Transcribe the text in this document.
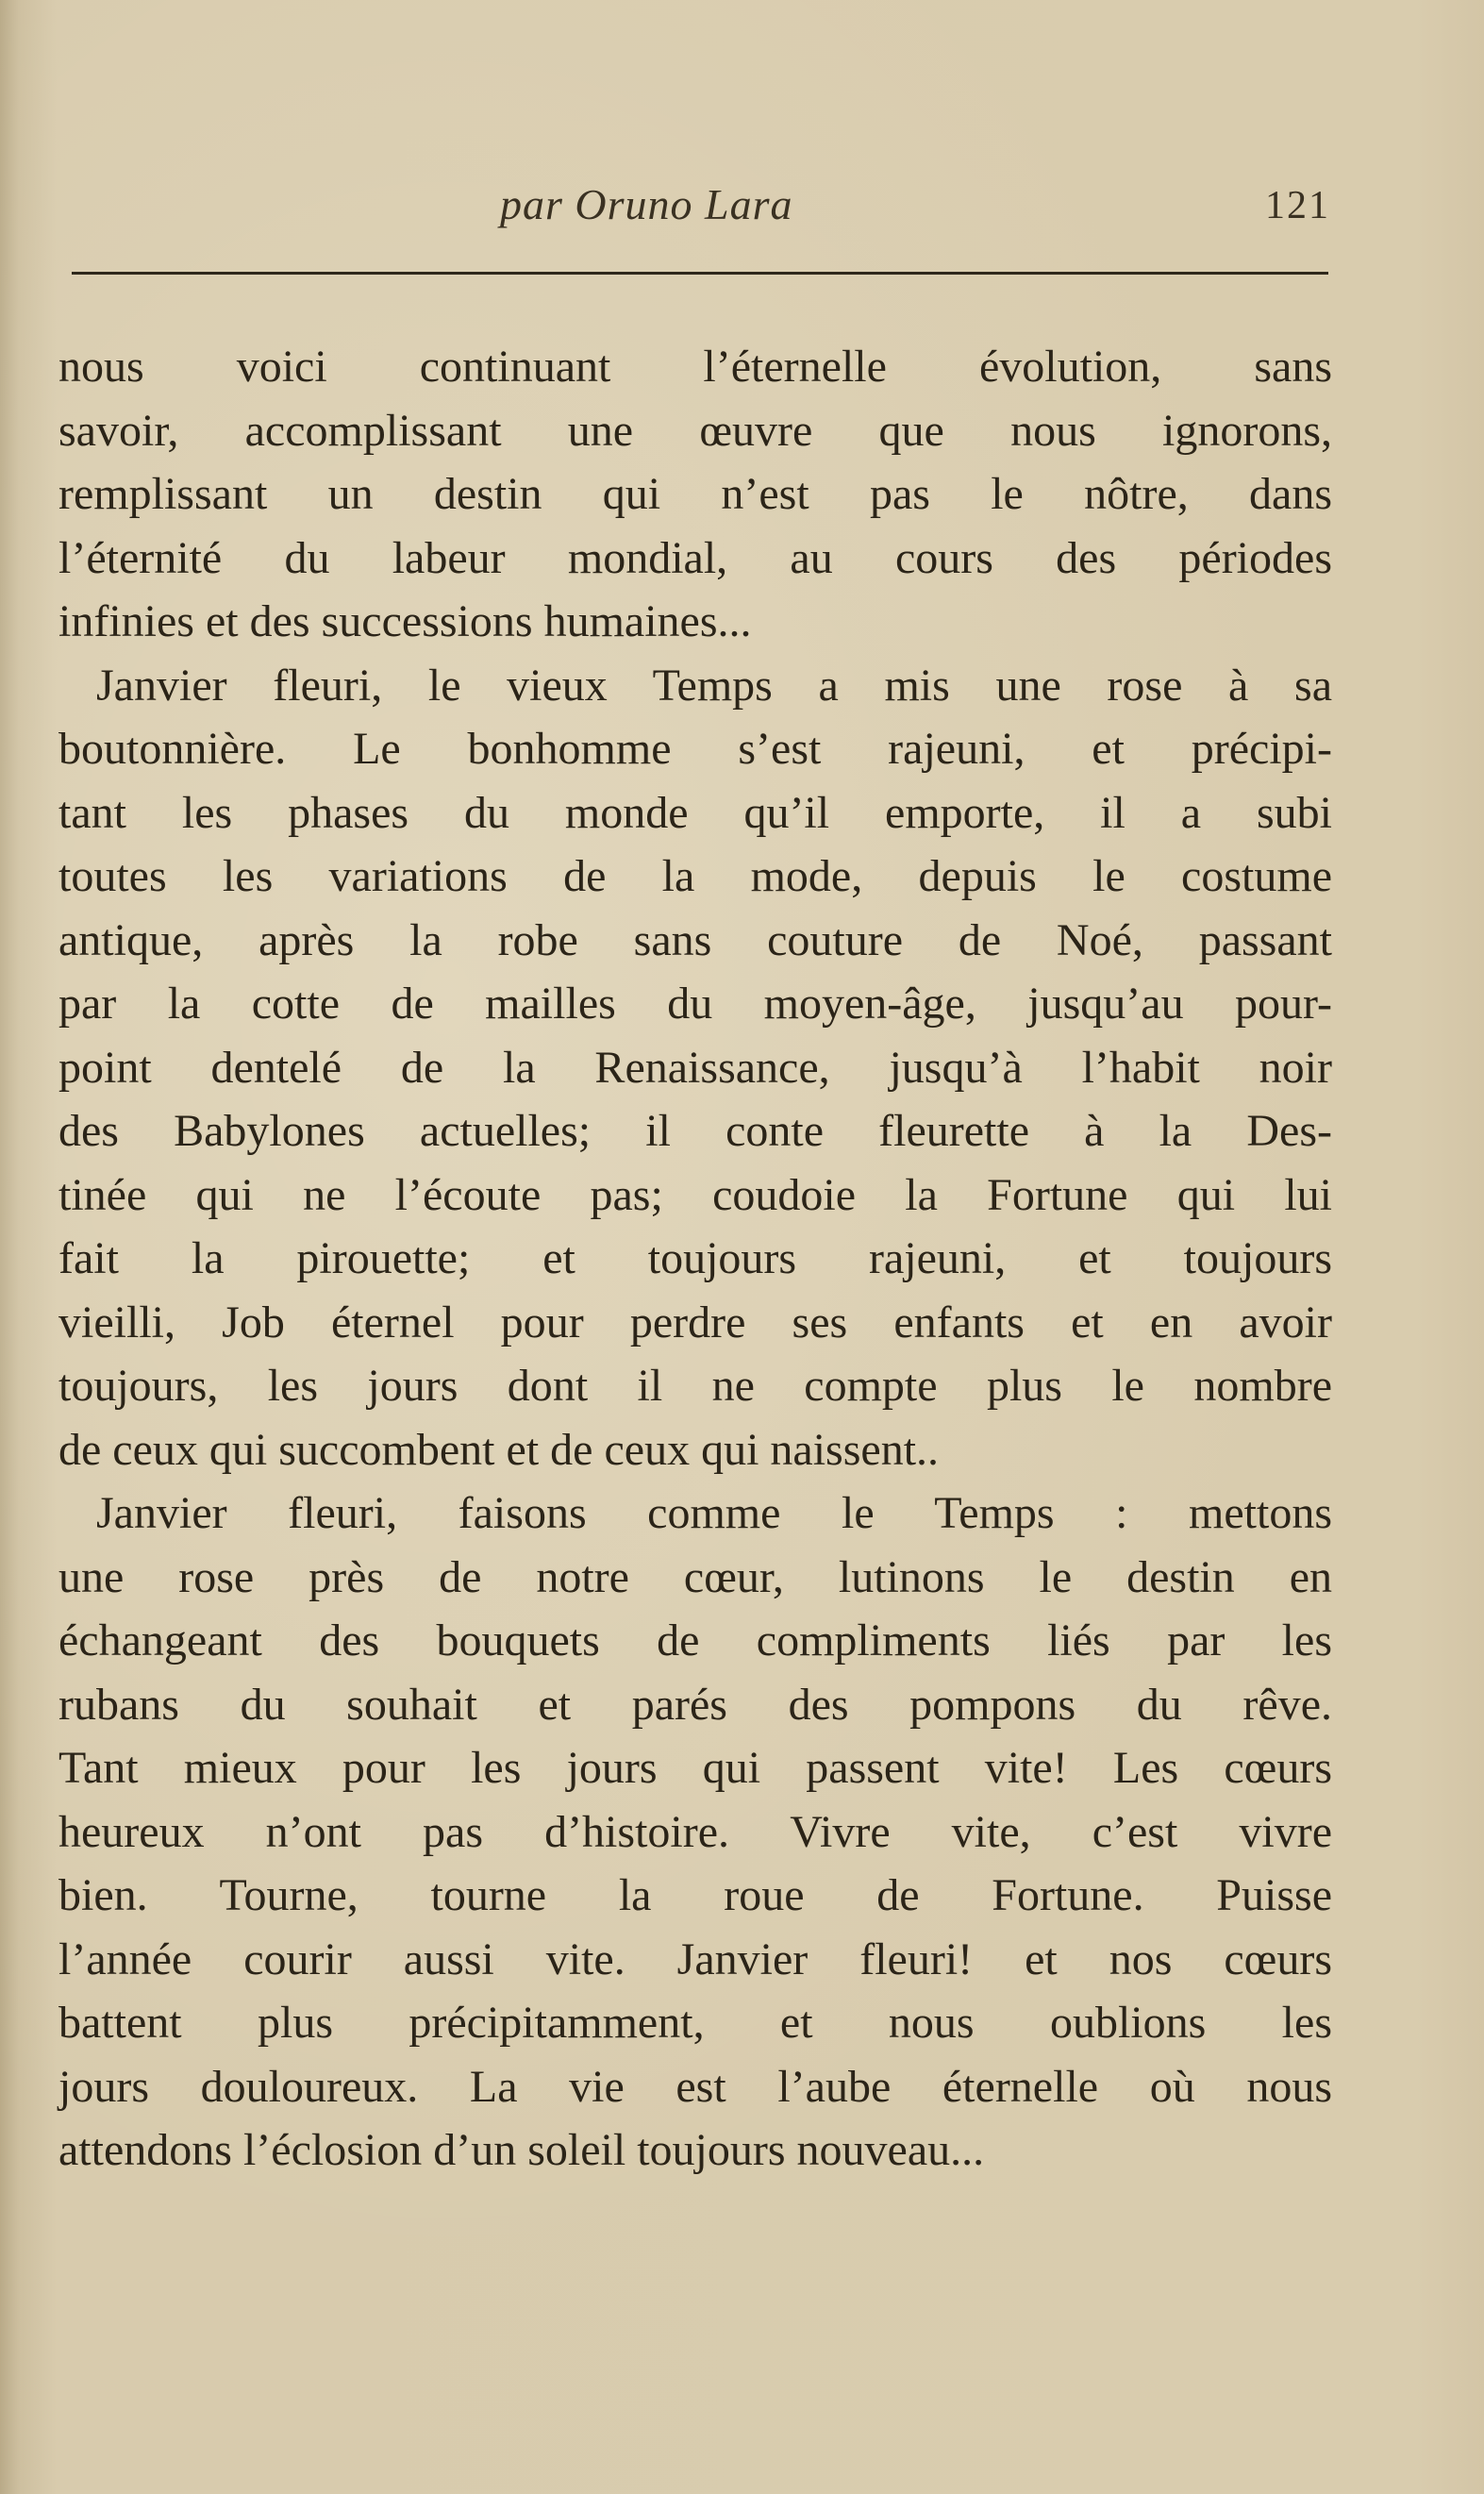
par Oruno Lara	121
nous voici continuant l’éternelle évolution, sans
savoir, accomplissant une œuvre que nous ignorons,
remplissant un destin qui n’est pas le nôtre, dans
l’éternité du labeur mondial, au cours des périodes
infinies et des successions humaines...
Janvier fleuri, le vieux Temps a mis une rose à sa
boutonnière. Le bonhomme s’est rajeuni, et précipi-
tant les phases du monde qu’il emporte, il a subi
toutes les variations de la mode, depuis le costume
antique, après la robe sans couture de Noé, passant
par la cotte de mailles du moyen-âge, jusqu’au pour-
point dentelé de la Renaissance, jusqu’à l’habit noir
des Babylones actuelles; il conte fleurette à la Des-
tinée qui ne l’écoute pas; coudoie la Fortune qui lui
fait la pirouette; et toujours rajeuni, et toujours
vieilli, Job éternel pour perdre ses enfants et en avoir
toujours, les jours dont il ne compte plus le nombre
de ceux qui succombent et de ceux qui naissent..
Janvier fleuri, faisons comme le Temps : mettons
une rose près de notre cœur, lutinons le destin en
échangeant des bouquets de compliments liés par les
rubans du souhait et parés des pompons du rêve.
Tant mieux pour les jours qui passent vite! Les cœurs
heureux n’ont pas d’histoire. Vivre vite, c’est vivre
bien. Tourne, tourne la roue de Fortune. Puisse
l’année courir aussi vite. Janvier fleuri! et nos cœurs
battent plus précipitamment, et nous oublions les
jours douloureux. La vie est l’aube éternelle où nous
attendons l’éclosion d’un soleil toujours nouveau...
